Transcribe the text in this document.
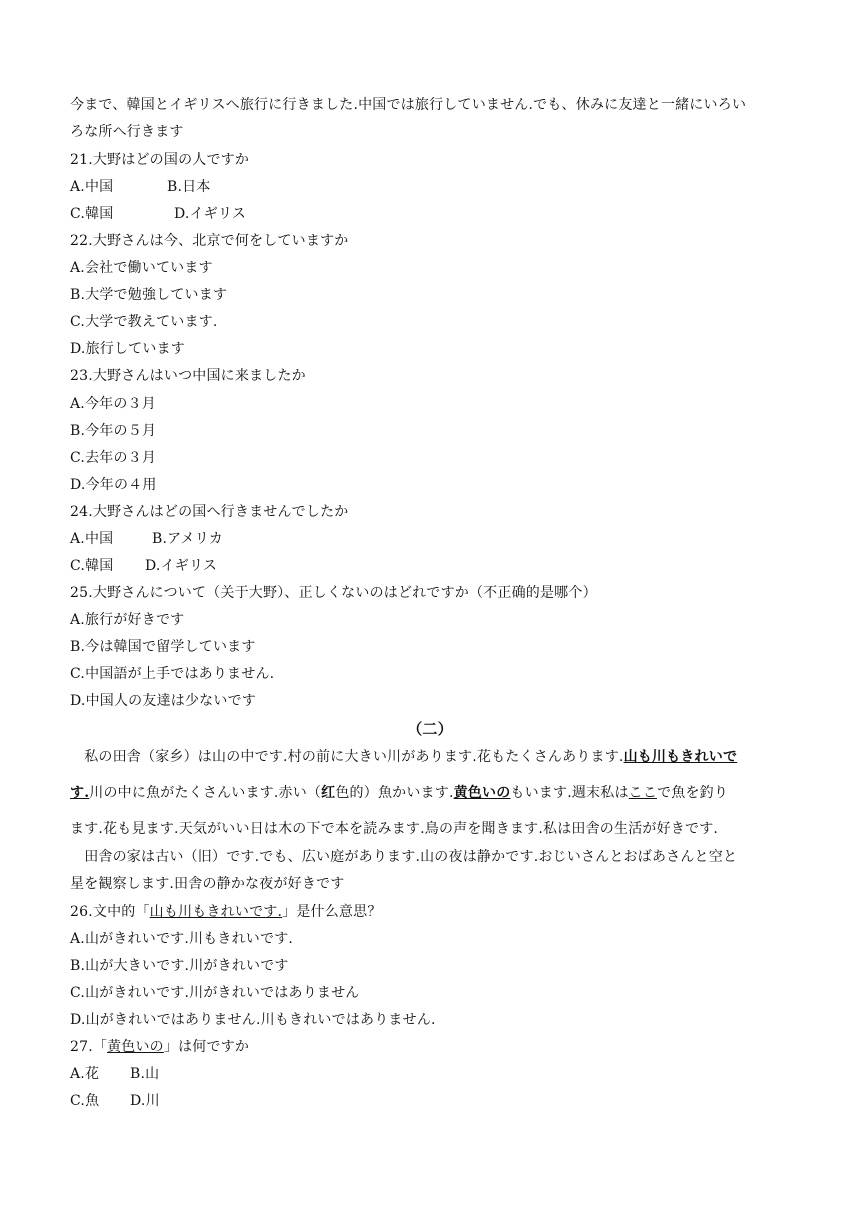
今まで、韓国とイギリスへ旅行に行きました.中国では旅行していません.でも、休みに友達と一緒にいろい
ろな所へ行きます
21.大野はどの国の人ですか
A.中国	B.日本
C.韓国	D.イギリス
22.大野さんは今、北京で何をしていますか
A.会社で働いています
B.大学で勉強しています
C.大学で教えています.
D.旅行しています
23.大野さんはいつ中国に来ましたか
A.今年の３月
B.今年の５月
C.去年の３月
D.今年の４用
24.大野さんはどの国へ行きませんでしたか
A.中国	B.アメリカ
C.韓国 D.イギリス
25.大野さんについて（关于大野）、正しくないのはどれですか（不正确的是哪个）
A.旅行が好きです
B.今は韓国で留学しています
C.中国語が上手ではありません.
D.中国人の友達は少ないです
（二）
　私の田舎（家乡）は山の中です.村の前に大きい川があります.花もたくさんあります.山も川もきれいで
す.川の中に魚がたくさんいます.赤い（红色的）魚かいます.黄色いのもいます.週末私はここで魚を釣り
ます.花も見ます.天気がいい日は木の下で本を読みます.鳥の声を聞きます.私は田舎の生活が好きです.
　田舎の家は古い（旧）です.でも、広い庭があります.山の夜は静かです.おじいさんとおばあさんと空と
星を観察します.田舎の静かな夜が好きです
26.文中的「山も川もきれいです.」是什么意思？
A.山がきれいです.川もきれいです.
B.山が大きいです.川がきれいです
C.山がきれいです.川がきれいではありません
D.山がきれいではありません.川もきれいではありません.
27.「黄色いの」は何ですか
A.花 B.山
C.魚 D.川
